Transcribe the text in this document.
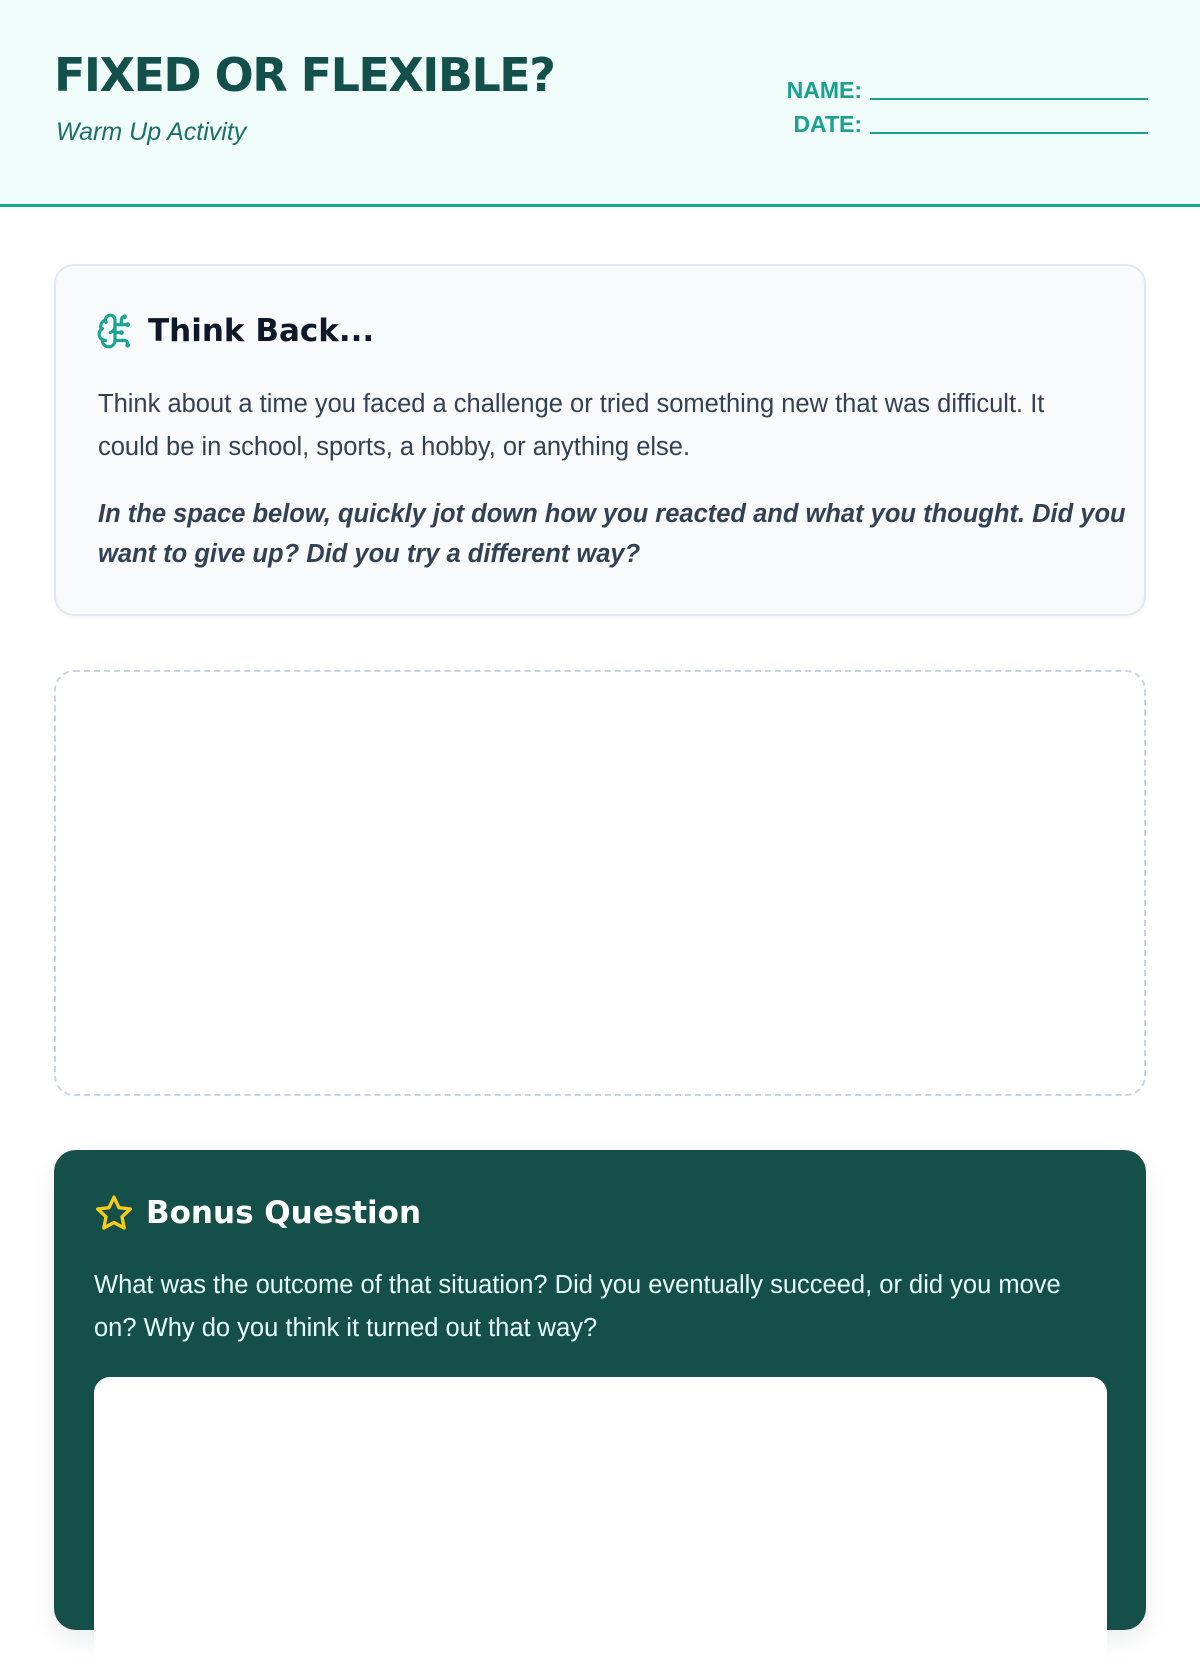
FIXED OR FLEXIBLE?
Warm Up Activity
NAME:
DATE:
Think Back...

Think about a time you faced a challenge or tried something new that was difficult. It could be in school, sports, a hobby, or anything else.

In the space below, quickly jot down how you reacted and what you thought. Did you want to give up? Did you try a different way?

Bonus Question

What was the outcome of that situation? Did you eventually succeed, or did you move on? Why do you think it turned out that way?
